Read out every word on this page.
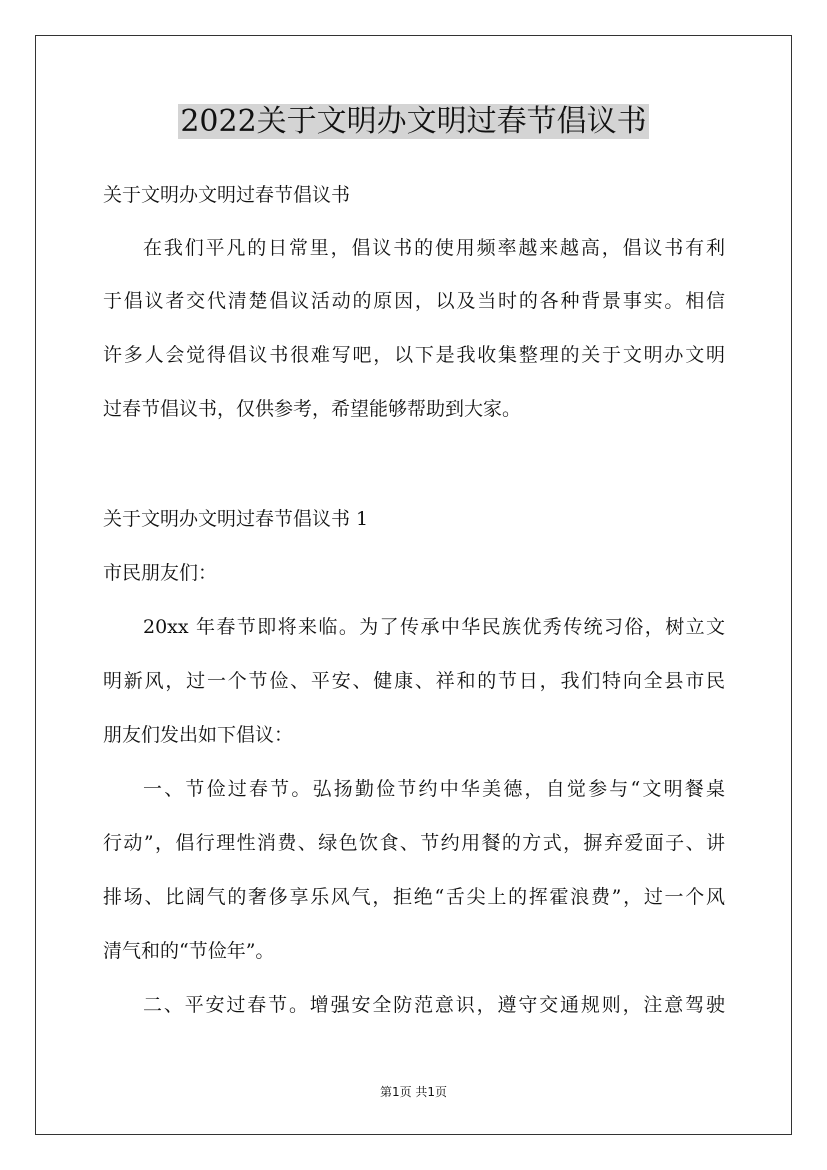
2022关于文明办文明过春节倡议书
关于文明办文明过春节倡议书
在我们平凡的日常里，倡议书的使用频率越来越高，倡议书有利
于倡议者交代清楚倡议活动的原因，以及当时的各种背景事实。相信
许多人会觉得倡议书很难写吧，以下是我收集整理的关于文明办文明
过春节倡议书，仅供参考，希望能够帮助到大家。
关于文明办文明过春节倡议书 1
市民朋友们：
20xx 年春节即将来临。为了传承中华民族优秀传统习俗，树立文
明新风，过一个节俭、平安、健康、祥和的节日，我们特向全县市民
朋友们发出如下倡议：
一、节俭过春节。弘扬勤俭节约中华美德，自觉参与“文明餐桌
行动”，倡行理性消费、绿色饮食、节约用餐的方式，摒弃爱面子、讲
排场、比阔气的奢侈享乐风气，拒绝“舌尖上的挥霍浪费”，过一个风
清气和的“节俭年”。
二、平安过春节。增强安全防范意识，遵守交通规则，注意驾驶
第1页 共1页
